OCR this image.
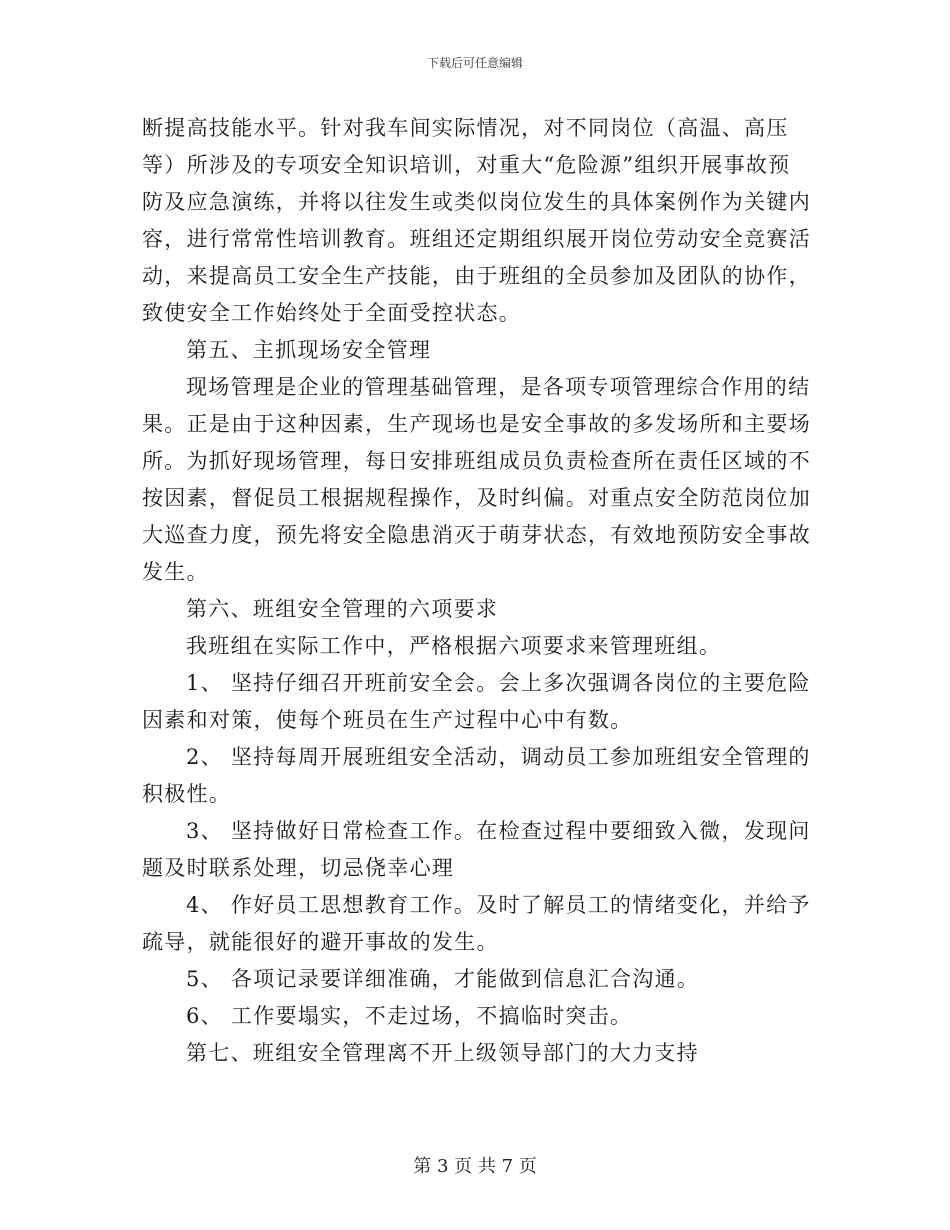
下载后可任意编辑
断提高技能水平。针对我车间实际情况，对不同岗位（高温、高压
等）所涉及的专项安全知识培训，对重大“危险源”组织开展事故预
防及应急演练，并将以往发生或类似岗位发生的具体案例作为关键内
容，进行常常性培训教育。班组还定期组织展开岗位劳动安全竞赛活
动，来提高员工安全生产技能，由于班组的全员参加及团队的协作，
致使安全工作始终处于全面受控状态。
第五、主抓现场安全管理
现场管理是企业的管理基础管理，是各项专项管理综合作用的结
果。正是由于这种因素，生产现场也是安全事故的多发场所和主要场
所。为抓好现场管理，每日安排班组成员负责检查所在责任区域的不
按因素，督促员工根据规程操作，及时纠偏。对重点安全防范岗位加
大巡查力度，预先将安全隐患消灭于萌芽状态，有效地预防安全事故
发生。
第六、班组安全管理的六项要求
我班组在实际工作中，严格根据六项要求来管理班组。
1、 坚持仔细召开班前安全会。会上多次强调各岗位的主要危险
因素和对策，使每个班员在生产过程中心中有数。
2、 坚持每周开展班组安全活动，调动员工参加班组安全管理的
积极性。
3、 坚持做好日常检查工作。在检查过程中要细致入微，发现问
题及时联系处理，切忌侥幸心理
4、 作好员工思想教育工作。及时了解员工的情绪变化，并给予
疏导，就能很好的避开事故的发生。
5、 各项记录要详细准确，才能做到信息汇合沟通。
6、 工作要塌实，不走过场，不搞临时突击。
第七、班组安全管理离不开上级领导部门的大力支持
第 3 页 共 7 页
